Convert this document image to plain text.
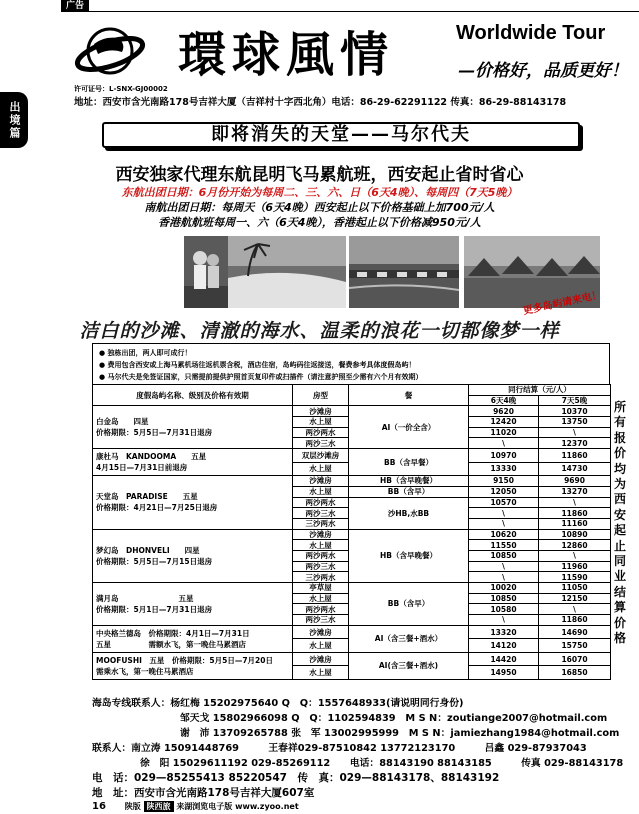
广告
出境篇
環球風情	Worldwide Tour
—价格好，品质更好！
许可证号：L-SNX-GJ00002
地址：西安市含光南路178号吉祥大厦（吉祥村十字西北角）电话：86-29-62291122 传真：86-29-88143178
即将消失的天堂——马尔代夫
西安独家代理东航昆明飞马累航班，西安起止省时省心
东航出团日期：6月份开始为每周二、三、六、日（6天4晚）、每周四（7天5晚）
南航出团日期：每周天（6天4晚）西安起止以下价格基础上加700元/人
香港航航班每周一、六（6天4晚），香港起止以下价格减950元/人
更多岛屿请来电！
洁白的沙滩、清澈的海水、温柔的浪花一切都像梦一样
● 独栋出团，两人即可成行！
● 费用包含西安或上海马累机场往返机票含税，酒店住宿，岛屿码往返接送，餐费参考具体度假岛屿！
● 马尔代夫是免签证国家，只需提前提供护照首页复印件或扫描件（请注意护照至少需有六个月有效期）
度假岛屿名称、级别及价格有效期	房型	餐	同行结算（元/人）	
			6天4晚	7天5晚

白金岛　　 四星
价格期限：5月5日—7月31日退房	沙滩房	AI（一价全含）	9620	10370
	水上屋		12420	13750
	两沙两水		11020	\
	两沙三水		\	12370

康杜马　 KANDOOMA　　五星
4月15日—7月31日前退房	双层沙滩房	BB（含早餐）	10970	11860
	水上屋		13330	14730

天堂岛　 PARADISE　　五星
价格期限：4月21日—7月25日退房	沙滩房	HB（含早晚餐）	9150	9690
	水上屋	BB（含早）	12050	13270
	两沙两水	沙HB,水BB	10570	\
	两沙三水		\	11860
	三沙两水		\	11160

梦幻岛　 DHONVELI　　四星
价格期限：5月5日—7月15日退房	沙滩房	HB（含早晚餐）	10620	10890
	水上屋		11550	12860
	两沙两水		10850	\
	两沙三水		\	11960
	三沙两水		\	11590

满月岛　　　　　　　　 五星
价格期限：5月1日—7月31日退房	亭草屋	BB（含早）	10020	11050
	水上屋		10850	12150
	两沙两水		10580	\
	两沙三水		\	11860

中央格兰德岛　价格期限：4月1日—7月31日
五星　　　　　需额水飞，第一晚住马累酒店	沙滩房	AI（含三餐+酒水）	13320	14690
	水上屋		14120	15750

MOOFUSHI　五星　价格期限：5月5日—7月20日
需乘水飞，第一晚住马累酒店	沙滩房	AI(含三餐+酒水)	14420	16070
	水上屋		14950	16850
所有报价均为西安起止同业结算价格
海岛专线联系人：杨红梅 15202975640 Q　Q：1557648933(请说明同行身份)
邹天戈 15802966098 Q　Q：1102594839　M S N：zoutiange2007@hotmail.com
谢　沛 13709265788 张　军 13002995999　M S N：jamiezhang1984@hotmail.com
联系人：南立涛 15091448769　　　王春祥029-87510842 13772123170　　　吕鑫 029-87937043
徐　阳 15029611192 029-85269112　　电话：88143190 88143185　　　传真 029-88143178
电　话：029—85255413 85220547　传　真：029—88143178、88143192
地　址：西安市含光南路178号吉祥大厦607室
16 　　 陕版 陕西旅 来湖浏览电子版 www.zyoo.net
